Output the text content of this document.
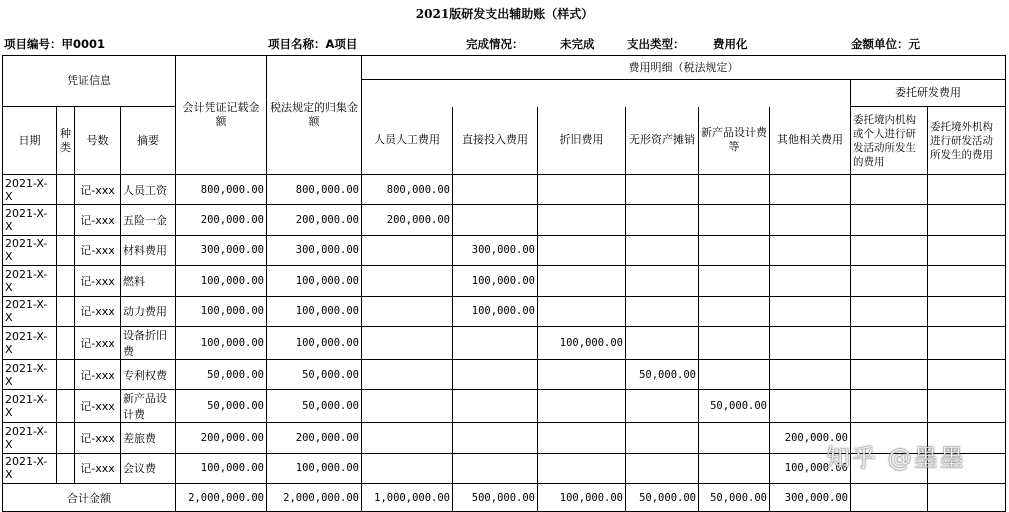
2021版研发支出辅助账（样式）
项目编号：甲0001	项目名称：A项目	完成情况：	未完成	支出类型： 费用化	金额单位：元
凭证信息				会计凭证记载金额	税法规定的归集金额	费用明细（税法规定）							
												委托研发费用	
日期	种类	号数	摘要			人员人工费用	直接投入费用	折旧费用	无形资产摊销	新产品设计费等	其他相关费用	委托境内机构或个人进行研发活动所发生的费用	委托境外机构进行研发活动所发生的费用
2021-X-X		记-xxx	人员工资	800,000.00	800,000.00	800,000.00							
2021-X-X		记-xxx	五险一金	200,000.00	200,000.00	200,000.00							
2021-X-X		记-xxx	材料费用	300,000.00	300,000.00		300,000.00						
2021-X-X		记-xxx	燃料	100,000.00	100,000.00		100,000.00						
2021-X-X		记-xxx	动力费用	100,000.00	100,000.00		100,000.00						
2021-X-X		记-xxx	设备折旧费	100,000.00	100,000.00			100,000.00					
2021-X-X		记-xxx	专利权费	50,000.00	50,000.00				50,000.00				
2021-X-X		记-xxx	新产品设计费	50,000.00	50,000.00					50,000.00			
2021-X-X		记-xxx	差旅费	200,000.00	200,000.00						200,000.00		
2021-X-X		记-xxx	会议费	100,000.00	100,000.00						100,000.00		
合计金额				2,000,000.00	2,000,000.00	1,000,000.00	500,000.00	100,000.00	50,000.00	50,000.00	300,000.00		
知乎 @墨墨
